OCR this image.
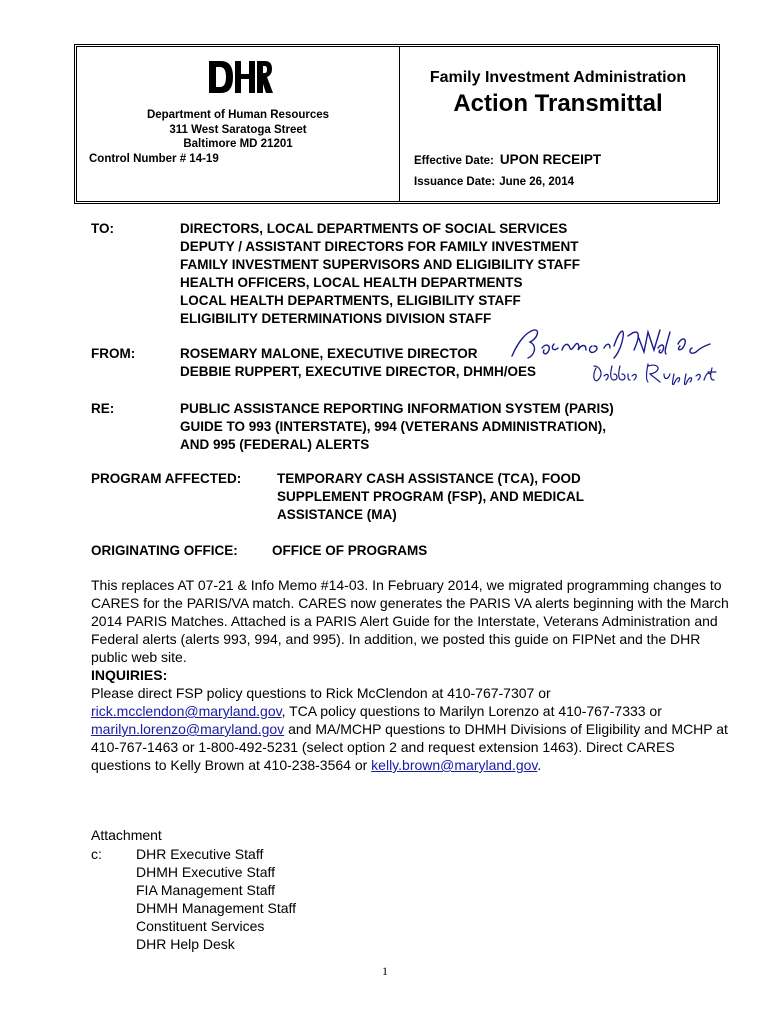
Department of Human Resources
311 West Saratoga Street
Baltimore MD 21201
Control Number # 14-19
Family Investment Administration
Action Transmittal
Effective Date: UPON RECEIPT
Issuance Date: June 26, 2014
TO:	DIRECTORS, LOCAL DEPARTMENTS OF SOCIAL SERVICES
DEPUTY / ASSISTANT DIRECTORS FOR FAMILY INVESTMENT
FAMILY INVESTMENT SUPERVISORS AND ELIGIBILITY STAFF
HEALTH OFFICERS, LOCAL HEALTH DEPARTMENTS
LOCAL HEALTH DEPARTMENTS, ELIGIBILITY STAFF
ELIGIBILITY DETERMINATIONS DIVISION STAFF
FROM:	ROSEMARY MALONE, EXECUTIVE DIRECTOR
DEBBIE RUPPERT, EXECUTIVE DIRECTOR, DHMH/OES
RE:	PUBLIC ASSISTANCE REPORTING INFORMATION SYSTEM (PARIS)
GUIDE TO 993 (INTERSTATE), 994 (VETERANS ADMINISTRATION),
AND 995 (FEDERAL) ALERTS
PROGRAM AFFECTED:	TEMPORARY CASH ASSISTANCE (TCA), FOOD
SUPPLEMENT PROGRAM (FSP), AND MEDICAL
ASSISTANCE (MA)
ORIGINATING OFFICE:	OFFICE OF PROGRAMS

This replaces AT 07-21 & Info Memo #14-03. In February 2014, we migrated programming changes to CARES for the PARIS/VA match. CARES now generates the PARIS VA alerts beginning with the March 2014 PARIS Matches. Attached is a PARIS Alert Guide for the Interstate, Veterans Administration and Federal alerts (alerts 993, 994, and 995). In addition, we posted this guide on FIPNet and the DHR public web site.

INQUIRIES:

Please direct FSP policy questions to Rick McClendon at 410-767-7307 or rick.mcclendon@maryland.gov, TCA policy questions to Marilyn Lorenzo at 410-767-7333 or marilyn.lorenzo@maryland.gov and MA/MCHP questions to DHMH Divisions of Eligibility and MCHP at 410-767-1463 or 1-800-492-5231 (select option 2 and request extension 1463). Direct CARES questions to Kelly Brown at 410-238-3564 or kelly.brown@maryland.gov.

Attachment
c: DHR Executive Staff
DHMH Executive Staff
FIA Management Staff
DHMH Management Staff
Constituent Services
DHR Help Desk
1
